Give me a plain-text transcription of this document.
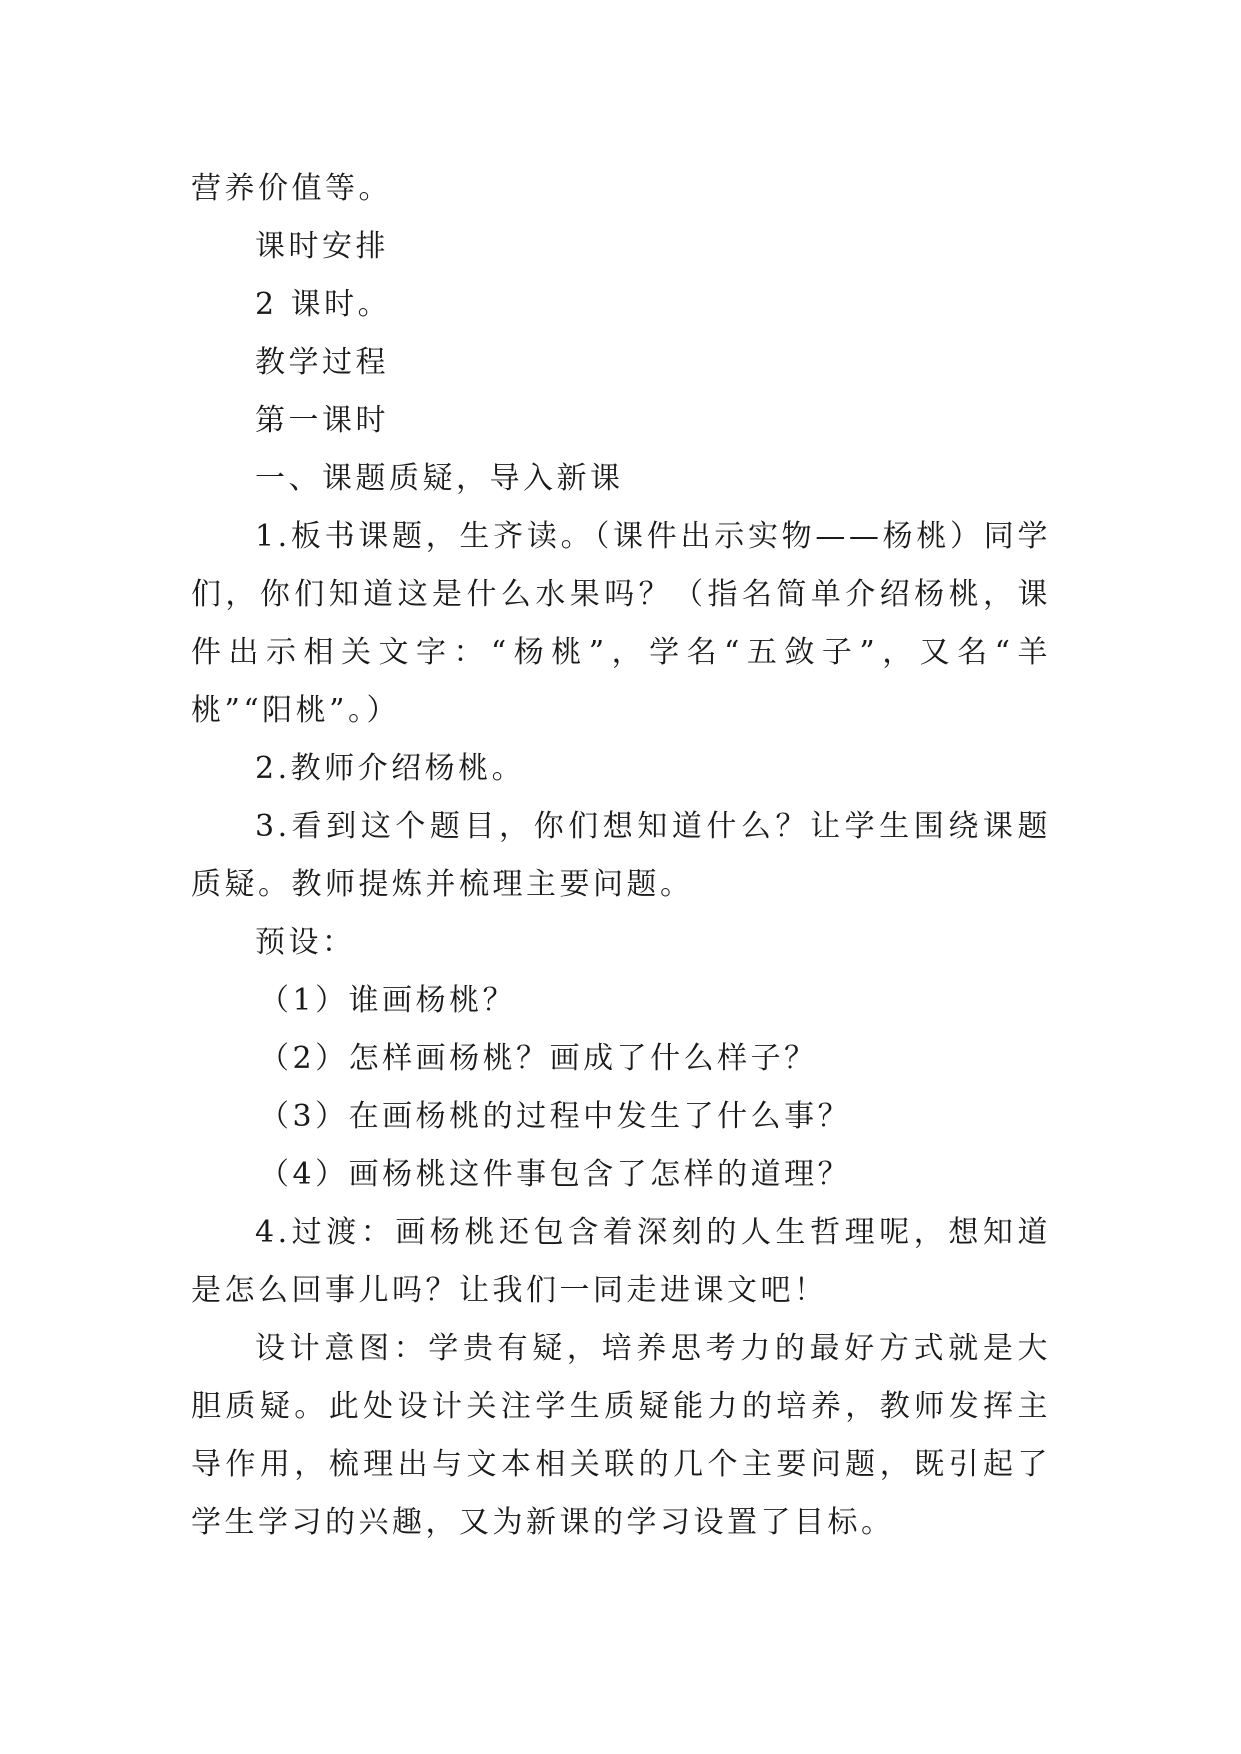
营养价值等。

课时安排

2 课时。

教学过程

第一课时

一、课题质疑，导入新课

1.板书课题，生齐读。（课件出示实物——杨桃）同学们，你们知道这是什么水果吗？（指名简单介绍杨桃，课件出示相关文字：“杨桃”，学名“五敛子”，又名“羊桃”“阳桃”。）

2.教师介绍杨桃。

3.看到这个题目，你们想知道什么？让学生围绕课题质疑。教师提炼并梳理主要问题。

预设：

（1）谁画杨桃？

（2）怎样画杨桃？画成了什么样子？

（3）在画杨桃的过程中发生了什么事？

（4）画杨桃这件事包含了怎样的道理？

4.过渡：画杨桃还包含着深刻的人生哲理呢，想知道是怎么回事儿吗？让我们一同走进课文吧！

设计意图：学贵有疑，培养思考力的最好方式就是大胆质疑。此处设计关注学生质疑能力的培养，教师发挥主导作用，梳理出与文本相关联的几个主要问题，既引起了学生学习的兴趣，又为新课的学习设置了目标。
